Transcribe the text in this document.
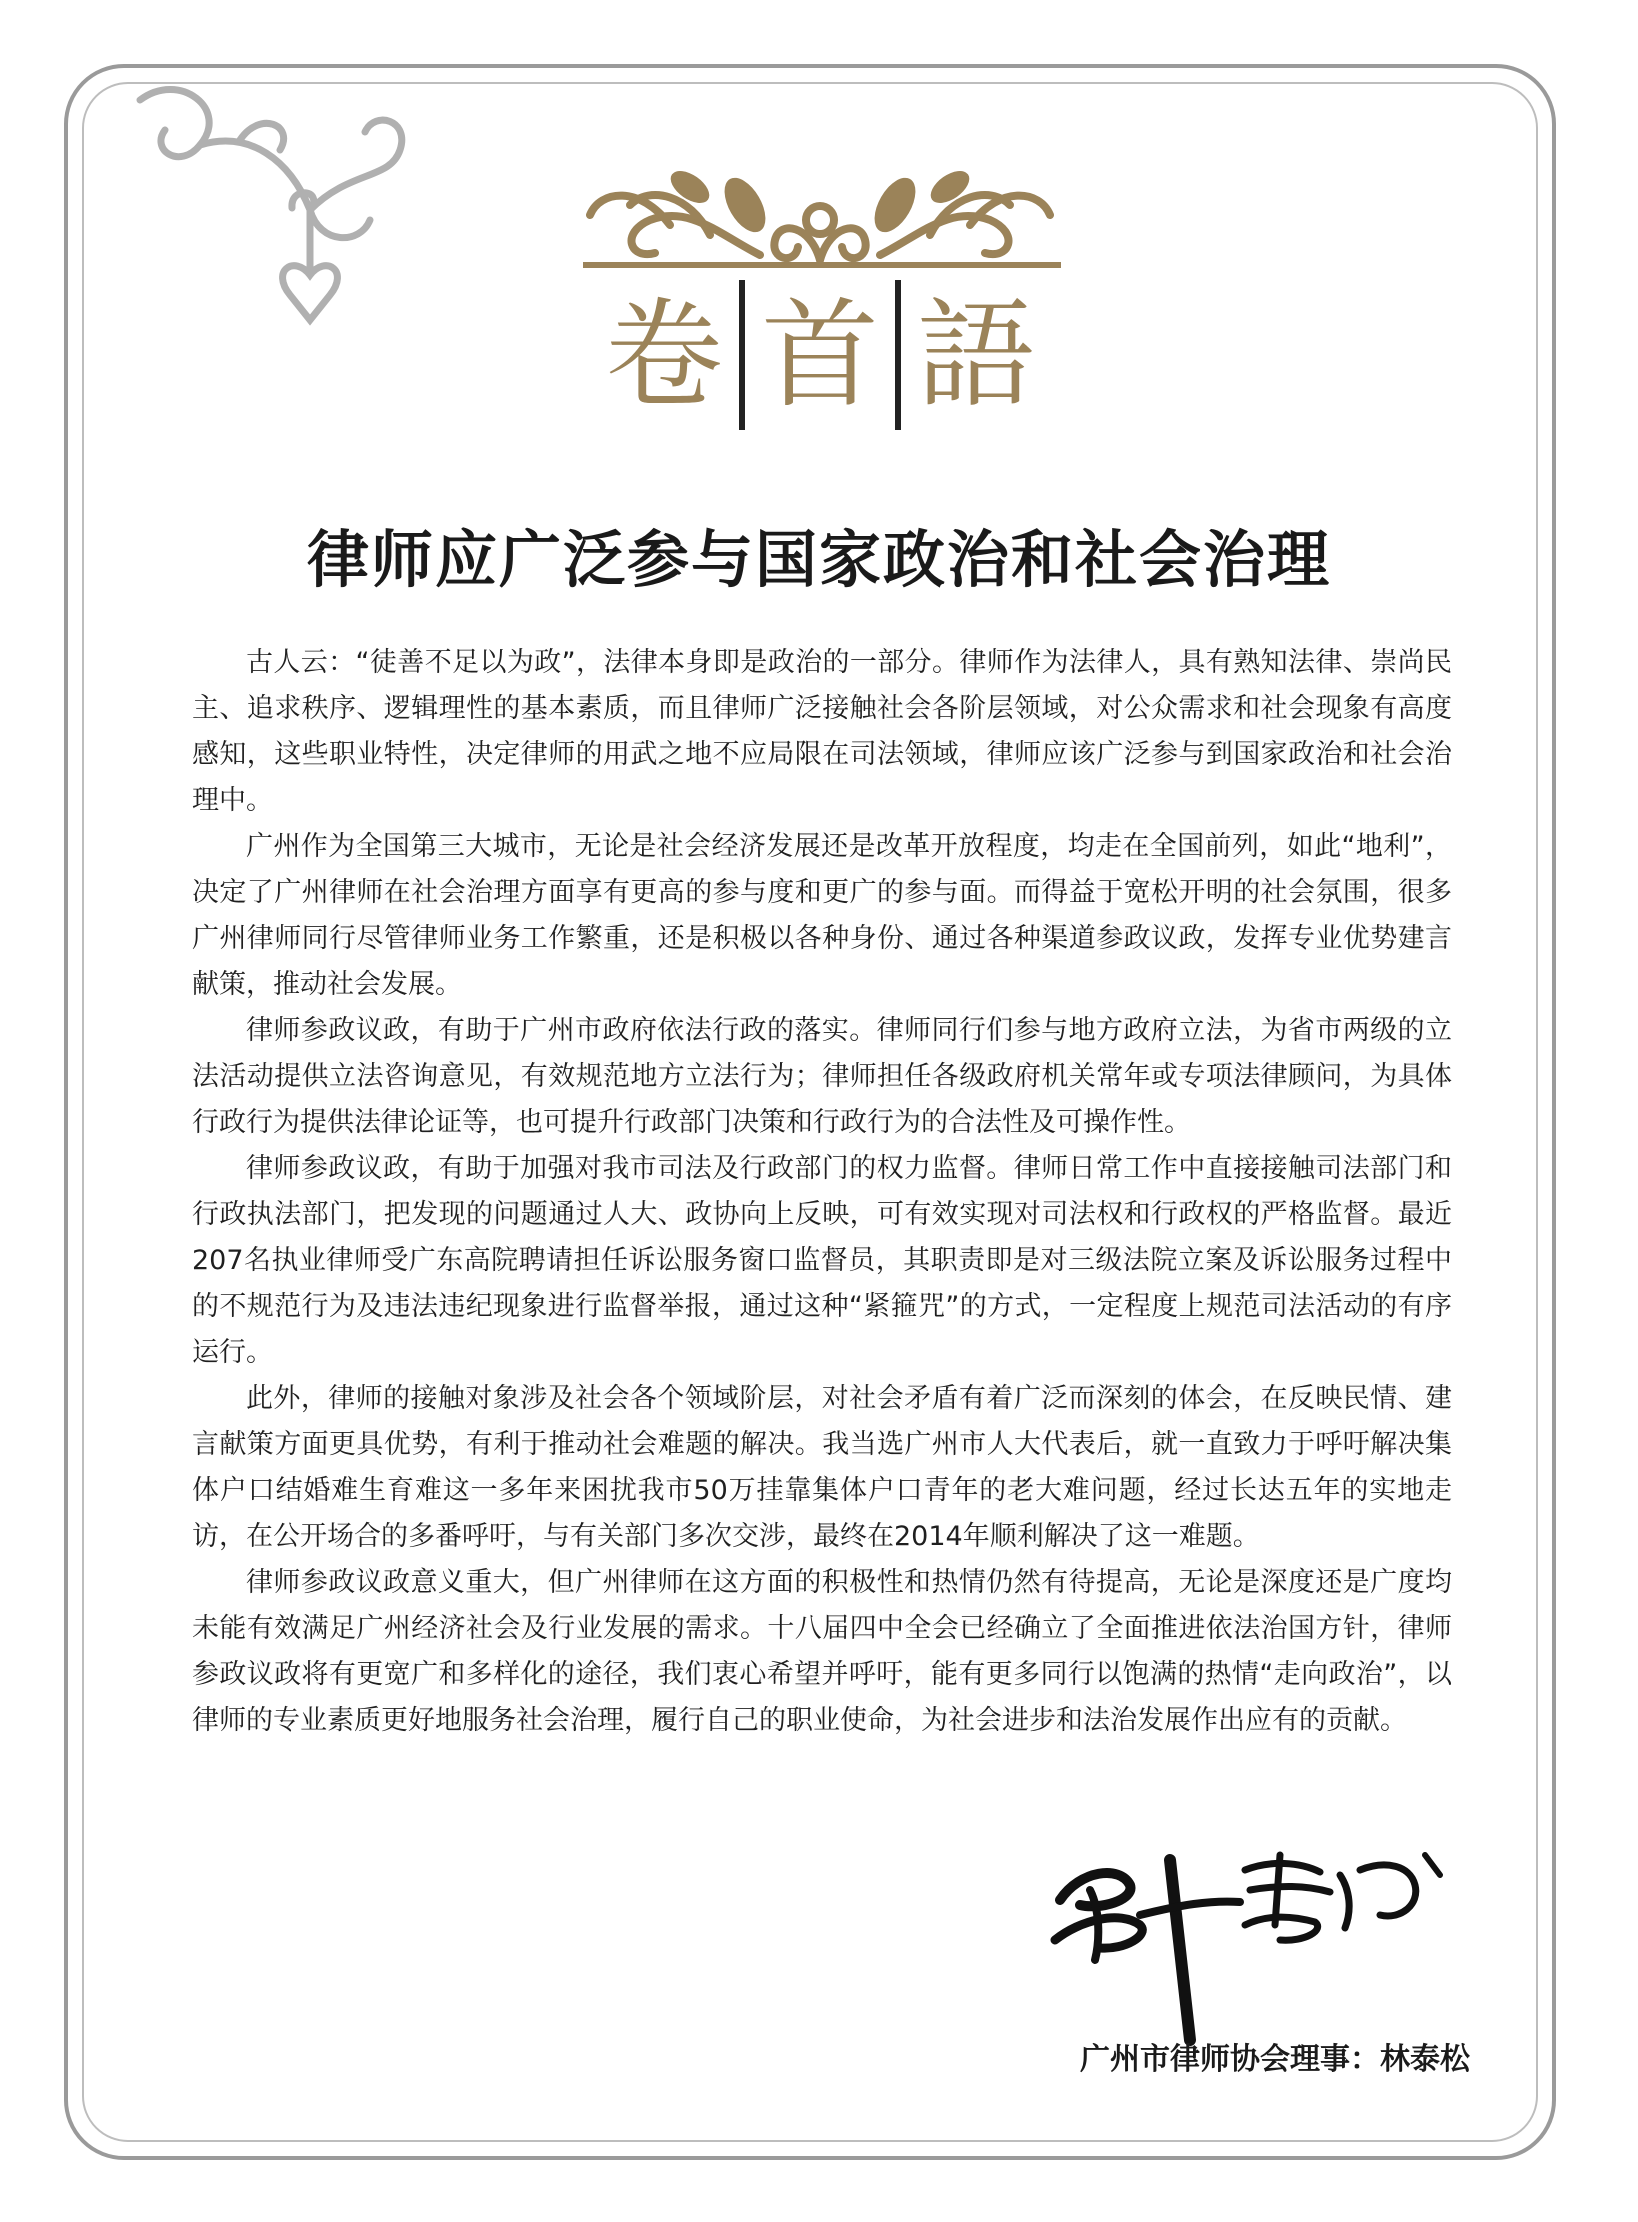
卷 首 語
律师应广泛参与国家政治和社会治理

古人云：“徒善不足以为政”，法律本身即是政治的一部分。律师作为法律人，具有熟知法律、崇尚民主、追求秩序、逻辑理性的基本素质，而且律师广泛接触社会各阶层领域，对公众需求和社会现象有高度感知，这些职业特性，决定律师的用武之地不应局限在司法领域，律师应该广泛参与到国家政治和社会治理中。

广州作为全国第三大城市，无论是社会经济发展还是改革开放程度，均走在全国前列，如此“地利”，决定了广州律师在社会治理方面享有更高的参与度和更广的参与面。而得益于宽松开明的社会氛围，很多广州律师同行尽管律师业务工作繁重，还是积极以各种身份、通过各种渠道参政议政，发挥专业优势建言献策，推动社会发展。

律师参政议政，有助于广州市政府依法行政的落实。律师同行们参与地方政府立法，为省市两级的立法活动提供立法咨询意见，有效规范地方立法行为；律师担任各级政府机关常年或专项法律顾问，为具体行政行为提供法律论证等，也可提升行政部门决策和行政行为的合法性及可操作性。

律师参政议政，有助于加强对我市司法及行政部门的权力监督。律师日常工作中直接接触司法部门和行政执法部门，把发现的问题通过人大、政协向上反映，可有效实现对司法权和行政权的严格监督。最近207名执业律师受广东高院聘请担任诉讼服务窗口监督员，其职责即是对三级法院立案及诉讼服务过程中的不规范行为及违法违纪现象进行监督举报，通过这种“紧箍咒”的方式，一定程度上规范司法活动的有序运行。

此外，律师的接触对象涉及社会各个领域阶层，对社会矛盾有着广泛而深刻的体会，在反映民情、建言献策方面更具优势，有利于推动社会难题的解决。我当选广州市人大代表后，就一直致力于呼吁解决集体户口结婚难生育难这一多年来困扰我市50万挂靠集体户口青年的老大难问题，经过长达五年的实地走访，在公开场合的多番呼吁，与有关部门多次交涉，最终在2014年顺利解决了这一难题。

律师参政议政意义重大，但广州律师在这方面的积极性和热情仍然有待提高，无论是深度还是广度均未能有效满足广州经济社会及行业发展的需求。十八届四中全会已经确立了全面推进依法治国方针，律师参政议政将有更宽广和多样化的途径，我们衷心希望并呼吁，能有更多同行以饱满的热情“走向政治”，以律师的专业素质更好地服务社会治理，履行自己的职业使命，为社会进步和法治发展作出应有的贡献。

广州市律师协会理事：林泰松
